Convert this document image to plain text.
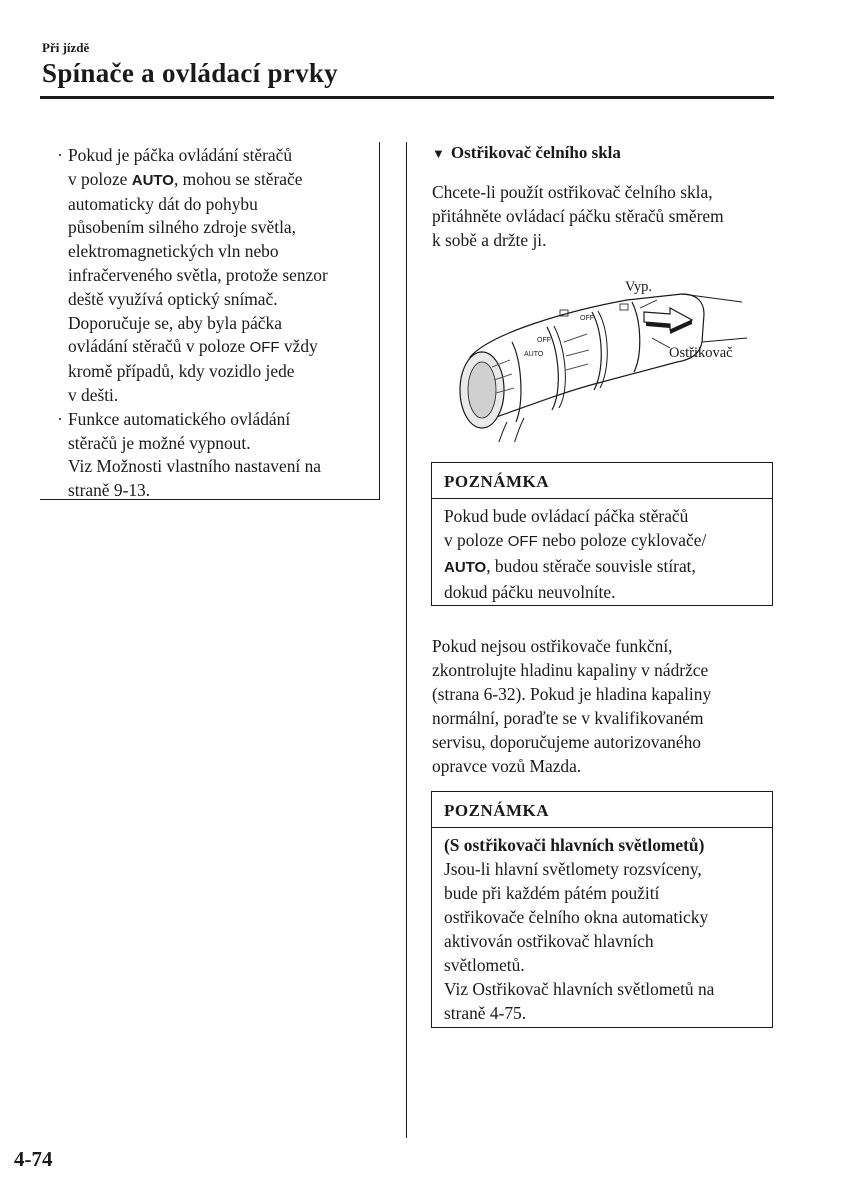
Při jízdě
Spínače a ovládací prvky
· Pokud je páčka ovládání stěračů
v poloze AUTO, mohou se stěrače
automaticky dát do pohybu
působením silného zdroje světla,
elektromagnetických vln nebo
infračerveného světla, protože senzor
deště využívá optický snímač.
Doporučuje se, aby byla páčka
ovládání stěračů v poloze OFF vždy
kromě případů, kdy vozidlo jede
v dešti.
· Funkce automatického ovládání
stěračů je možné vypnout.
Viz Možnosti vlastního nastavení na
straně 9-13.
▼ Ostřikovač čelního skla
Chcete-li použít ostřikovač čelního skla,
přitáhněte ovládací páčku stěračů směrem
k sobě a držte ji.
AUTO
OFF
OFF
Vyp.
Ostřikovač
POZNÁMKA
Pokud bude ovládací páčka stěračů
v poloze OFF nebo poloze cyklovače/
AUTO, budou stěrače souvisle stírat,
dokud páčku neuvolníte.
Pokud nejsou ostřikovače funkční,
zkontrolujte hladinu kapaliny v nádržce
(strana 6-32). Pokud je hladina kapaliny
normální, poraďte se v kvalifikovaném
servisu, doporučujeme autorizovaného
opravce vozů Mazda.
POZNÁMKA
(S ostřikovači hlavních světlometů)
Jsou-li hlavní světlomety rozsvíceny,
bude při každém pátém použití
ostřikovače čelního okna automaticky
aktivován ostřikovač hlavních
světlometů.
Viz Ostřikovač hlavních světlometů na
straně 4-75.
4-74
